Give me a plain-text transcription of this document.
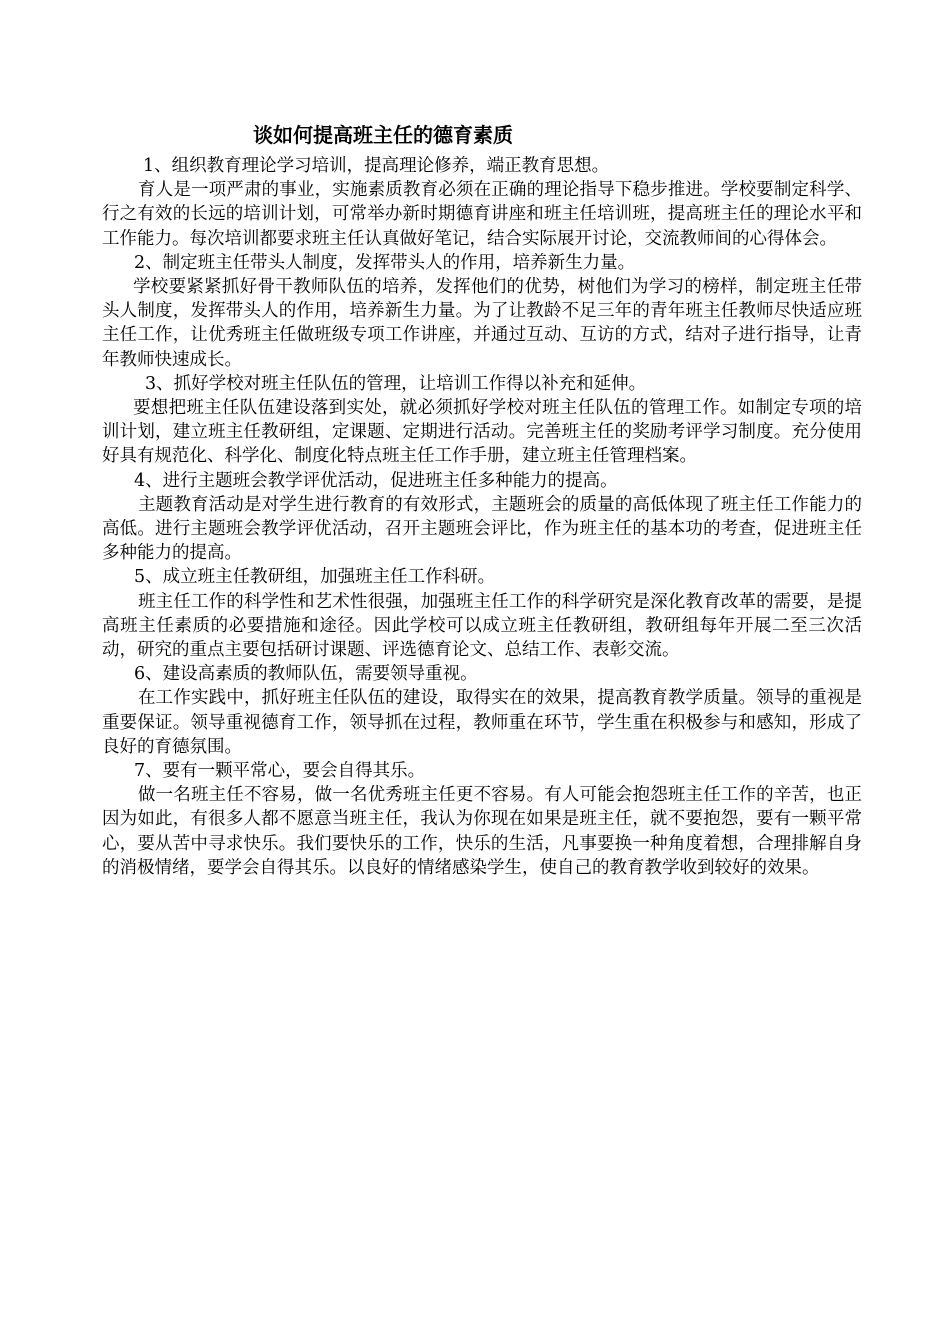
谈如何提高班主任的德育素质

1、组织教育理论学习培训，提高理论修养，端正教育思想。

育人是一项严肃的事业，实施素质教育必须在正确的理论指导下稳步推进。学校要制定科学、行之有效的长远的培训计划，可常举办新时期德育讲座和班主任培训班，提高班主任的理论水平和工作能力。每次培训都要求班主任认真做好笔记，结合实际展开讨论，交流教师间的心得体会。

2、制定班主任带头人制度，发挥带头人的作用，培养新生力量。

学校要紧紧抓好骨干教师队伍的培养，发挥他们的优势，树他们为学习的榜样，制定班主任带头人制度，发挥带头人的作用，培养新生力量。为了让教龄不足三年的青年班主任教师尽快适应班主任工作，让优秀班主任做班级专项工作讲座，并通过互动、互访的方式，结对子进行指导，让青年教师快速成长。

3、抓好学校对班主任队伍的管理，让培训工作得以补充和延伸。

要想把班主任队伍建设落到实处，就必须抓好学校对班主任队伍的管理工作。如制定专项的培训计划，建立班主任教研组，定课题、定期进行活动。完善班主任的奖励考评学习制度。充分使用好具有规范化、科学化、制度化特点班主任工作手册，建立班主任管理档案。

4、进行主题班会教学评优活动，促进班主任多种能力的提高。

主题教育活动是对学生进行教育的有效形式，主题班会的质量的高低体现了班主任工作能力的高低。进行主题班会教学评优活动，召开主题班会评比，作为班主任的基本功的考查，促进班主任多种能力的提高。

5、成立班主任教研组，加强班主任工作科研。

班主任工作的科学性和艺术性很强，加强班主任工作的科学研究是深化教育改革的需要，是提高班主任素质的必要措施和途径。因此学校可以成立班主任教研组，教研组每年开展二至三次活动，研究的重点主要包括研讨课题、评选德育论文、总结工作、表彰交流。

6、建设高素质的教师队伍，需要领导重视。

在工作实践中，抓好班主任队伍的建设，取得实在的效果，提高教育教学质量。领导的重视是重要保证。领导重视德育工作，领导抓在过程，教师重在环节，学生重在积极参与和感知，形成了良好的育德氛围。

7、要有一颗平常心，要会自得其乐。

做一名班主任不容易，做一名优秀班主任更不容易。有人可能会抱怨班主任工作的辛苦，也正因为如此，有很多人都不愿意当班主任，我认为你现在如果是班主任，就不要抱怨，要有一颗平常心，要从苦中寻求快乐。我们要快乐的工作，快乐的生活，凡事要换一种角度着想，合理排解自身的消极情绪，要学会自得其乐。以良好的情绪感染学生，使自己的教育教学收到较好的效果。
